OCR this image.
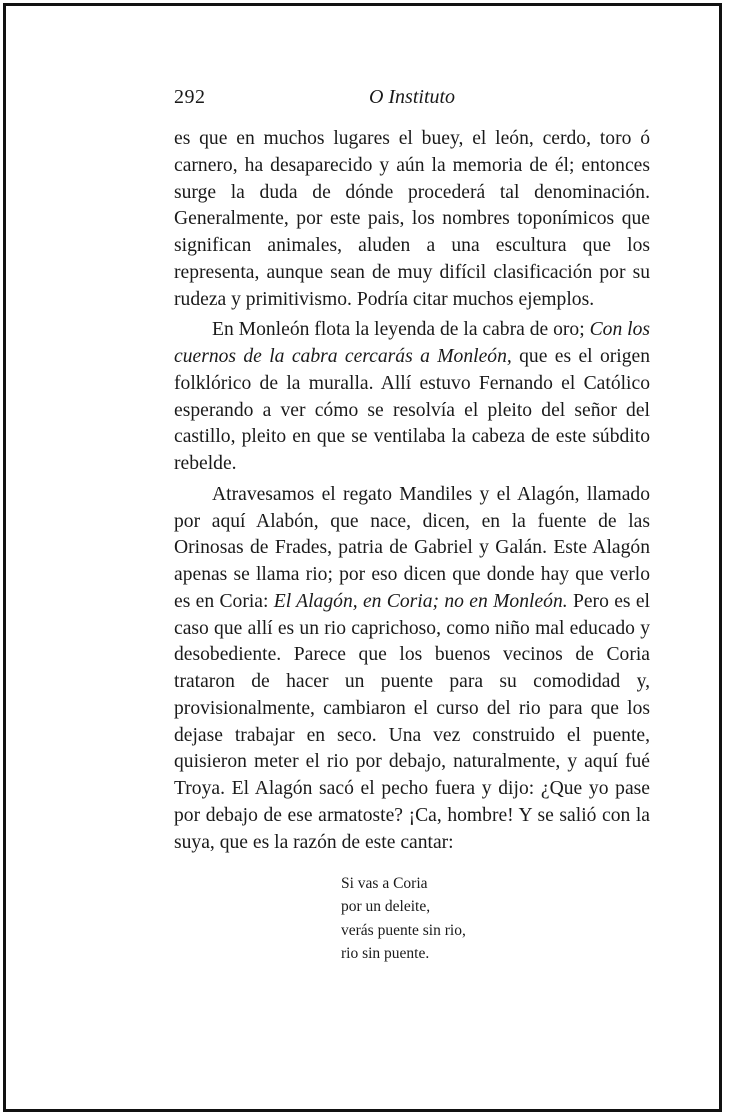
292	O Instituto

es que en muchos lugares el buey, el león, cerdo, toro ó carnero, ha desaparecido y aún la memoria de él; entonces surge la duda de dónde procederá tal denominación. Generalmente, por este pais, los nombres toponímicos que significan animales, aluden a una escultura que los representa, aunque sean de muy difícil clasificación por su rudeza y primitivismo. Podría citar muchos ejemplos.

En Monleón flota la leyenda de la cabra de oro; Con los cuernos de la cabra cercarás a Monleón, que es el origen folklórico de la muralla. Allí estuvo Fernando el Católico esperando a ver cómo se resolvía el pleito del señor del castillo, pleito en que se ventilaba la cabeza de este súbdito rebelde.

Atravesamos el regato Mandiles y el Alagón, llamado por aquí Alabón, que nace, dicen, en la fuente de las Orinosas de Frades, patria de Gabriel y Galán. Este Alagón apenas se llama rio; por eso dicen que donde hay que verlo es en Coria: El Alagón, en Coria; no en Monleón. Pero es el caso que allí es un rio caprichoso, como niño mal educado y desobediente. Parece que los buenos vecinos de Coria trataron de hacer un puente para su comodidad y, provisionalmente, cambiaron el curso del rio para que los dejase trabajar en seco. Una vez construido el puente, quisieron meter el rio por debajo, naturalmente, y aquí fué Troya. El Alagón sacó el pecho fuera y dijo: ¿Que yo pase por debajo de ese armatoste? ¡Ca, hombre! Y se salió con la suya, que es la razón de este cantar:

Si vas a Coria
por un deleite,
verás puente sin rio,
rio sin puente.
